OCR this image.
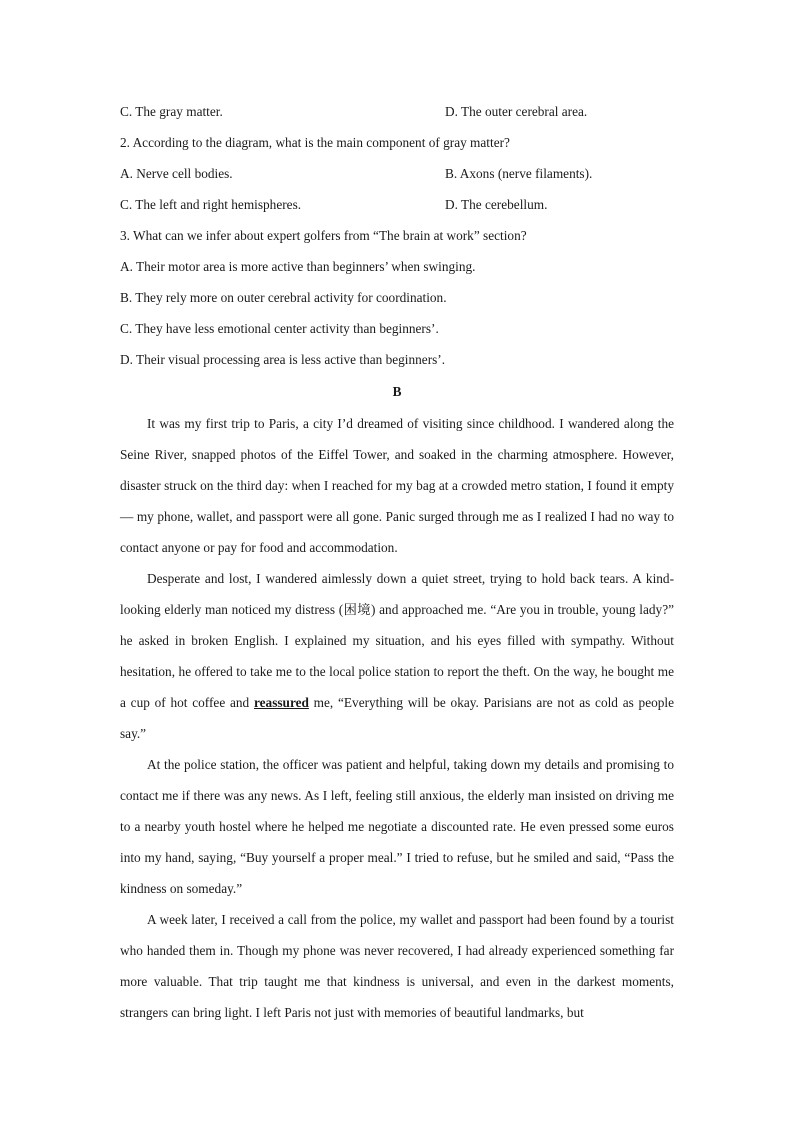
C. The gray matter.	D. The outer cerebral area.
2. According to the diagram, what is the main component of gray matter?
A. Nerve cell bodies.	B. Axons (nerve filaments).
C. The left and right hemispheres.	D. The cerebellum.
3. What can we infer about expert golfers from “The brain at work” section?
A. Their motor area is more active than beginners’ when swinging.
B. They rely more on outer cerebral activity for coordination.
C. They have less emotional center activity than beginners’.
D. Their visual processing area is less active than beginners’.
B

It was my first trip to Paris, a city I’d dreamed of visiting since childhood. I wandered along the Seine River, snapped photos of the Eiffel Tower, and soaked in the charming atmosphere. However, disaster struck on the third day: when I reached for my bag at a crowded metro station, I found it empty — my phone, wallet, and passport were all gone. Panic surged through me as I realized I had no way to contact anyone or pay for food and accommodation.

Desperate and lost, I wandered aimlessly down a quiet street, trying to hold back tears. A kind-looking elderly man noticed my distress (困境) and approached me. “Are you in trouble, young lady?” he asked in broken English. I explained my situation, and his eyes filled with sympathy. Without hesitation, he offered to take me to the local police station to report the theft. On the way, he bought me a cup of hot coffee and reassured me, “Everything will be okay. Parisians are not as cold as people say.”

At the police station, the officer was patient and helpful, taking down my details and promising to contact me if there was any news. As I left, feeling still anxious, the elderly man insisted on driving me to a nearby youth hostel where he helped me negotiate a discounted rate. He even pressed some euros into my hand, saying, “Buy yourself a proper meal.” I tried to refuse, but he smiled and said, “Pass the kindness on someday.”

A week later, I received a call from the police, my wallet and passport had been found by a tourist who handed them in. Though my phone was never recovered, I had already experienced something far more valuable. That trip taught me that kindness is universal, and even in the darkest moments, strangers can bring light. I left Paris not just with memories of beautiful landmarks, but
